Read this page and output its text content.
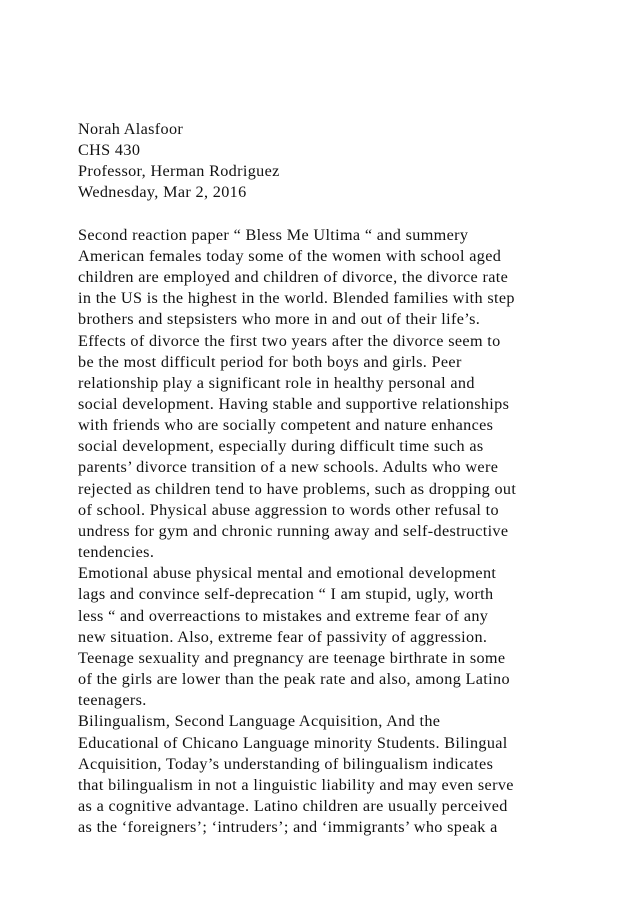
Norah Alasfoor
CHS 430
Professor, Herman Rodriguez
Wednesday, Mar 2, 2016
Second reaction paper “ Bless Me Ultima “ and summery
American females today some of the women with school aged
children are employed and children of divorce, the divorce rate
in the US is the highest in the world. Blended families with step
brothers and stepsisters who more in and out of their life’s.
Effects of divorce the first two years after the divorce seem to
be the most difficult period for both boys and girls. Peer
relationship play a significant role in healthy personal and
social development. Having stable and supportive relationships
with friends who are socially competent and nature enhances
social development, especially during difficult time such as
parents’ divorce transition of a new schools. Adults who were
rejected as children tend to have problems, such as dropping out
of school. Physical abuse aggression to words other refusal to
undress for gym and chronic running away and self-destructive
tendencies.
Emotional abuse physical mental and emotional development
lags and convince self-deprecation “ I am stupid, ugly, worth
less “ and overreactions to mistakes and extreme fear of any
new situation. Also, extreme fear of passivity of aggression.
Teenage sexuality and pregnancy are teenage birthrate in some
of the girls are lower than the peak rate and also, among Latino
teenagers.
Bilingualism, Second Language Acquisition, And the
Educational of Chicano Language minority Students. Bilingual
Acquisition, Today’s understanding of bilingualism indicates
that bilingualism in not a linguistic liability and may even serve
as a cognitive advantage. Latino children are usually perceived
as the ‘foreigners’; ‘intruders’; and ‘immigrants’ who speak a
